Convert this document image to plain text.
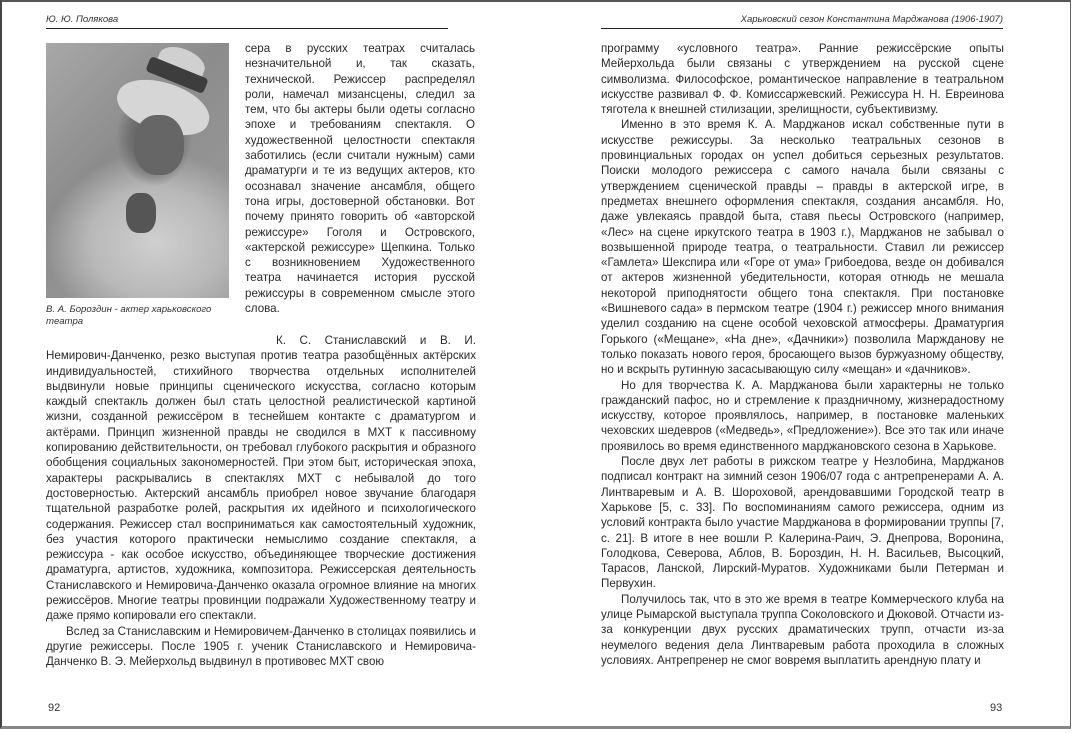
Ю. Ю. Полякова
В. А. Бороздин - актер харьковского театра

сера в русских театрах считалась незначительной и, так сказать, технической. Режиссер распределял роли, намечал мизансцены, следил за тем, что бы актеры были одеты согласно эпохе и требованиям спектакля. О художественной целостности спектакля заботились (если считали нужным) сами драматурги и те из ведущих актеров, кто осознавал значение ансамбля, общего тона игры, достоверной обстановки. Вот почему принято говорить об «авторской режиссуре» Гоголя и Островского, «актерской режиссуре» Щепкина. Только с возникновением Художественного театра начинается история русской режиссуры в современном смысле этого слова.

К. С. Станиславский и В. И. Немирович-Данченко, резко выступая против театра разобщённых актёрских индивидуальностей, стихийного творчества отдельных исполнителей выдвинули новые принципы сценического искусства, согласно которым каждый спектакль должен был стать целостной реалистической картиной жизни, созданной режиссёром в теснейшем контакте с драматургом и актёрами. Принцип жизненной правды не сводился в МХТ к пассивному копированию действительности, он требовал глубокого раскрытия и образного обобщения социальных закономерностей. При этом быт, историческая эпоха, характеры раскрывались в спектаклях МХТ с небывалой до того достоверностью. Актерский ансамбль приобрел новое звучание благодаря тщательной разработке ролей, раскрытия их идейного и психологического содержания. Режиссер стал восприниматься как самостоятельный художник, без участия которого практически немыслимо создание спектакля, а режиссура - как особое искусство, объединяющее творческие достижения драматурга, артистов, художника, композитора. Режиссерская деятельность Станиславского и Немировича-Данченко оказала огромное влияние на многих режиссёров. Многие театры провинции подражали Художественному театру и даже прямо копировали его спектакли.

Вслед за Станиславским и Немировичем-Данченко в столицах появились и другие режиссеры. После 1905 г. ученик Станиславского и Немировича-Данченко В. Э. Мейерхольд выдвинул в противовес МХТ свою

92
Харьковский сезон Константина Марджанова (1906-1907)

программу «условного театра». Ранние режиссёрские опыты Мейерхольда были связаны с утверждением на русской сцене символизма. Философское, романтическое направление в театральном искусстве развивал Ф. Ф. Комиссаржевский. Режиссура Н. Н. Евреинова тяготела к внешней стилизации, зрелищности, субъективизму.

Именно в это время К. А. Марджанов искал собственные пути в искусстве режиссуры. За несколько театральных сезонов в провинциальных городах он успел добиться серьезных результатов. Поиски молодого режиссера с самого начала были связаны с утверждением сценической правды – правды в актерской игре, в предметах внешнего оформления спектакля, создания ансамбля. Но, даже увлекаясь правдой быта, ставя пьесы Островского (например, «Лес» на сцене иркутского театра в 1903 г.), Марджанов не забывал о возвышенной природе театра, о театральности. Ставил ли режиссер «Гамлета» Шекспира или «Горе от ума» Грибоедова, везде он добивался от актеров жизненной убедительности, которая отнюдь не мешала некоторой приподнятости общего тона спектакля. При постановке «Вишневого сада» в пермском театре (1904 г.) режиссер много внимания уделил созданию на сцене особой чеховской атмосферы. Драматургия Горького («Мещане», «На дне», «Дачники») позволила Марждановy не только показать нового героя, бросающего вызов буржуазному обществу, но и вскрыть рутинную засасывающую силу «мещан» и «дачников».

Но для творчества К. А. Марджанова были характерны не только гражданский пафос, но и стремление к праздничному, жизнерадостному искусству, которое проявлялось, например, в постановке маленьких чеховских шедевров («Медведь», «Предложение»). Все это так или иначе проявилось во время единственного марджановского сезона в Харькове.

После двух лет работы в рижском театре у Незлобина, Марджанов подписал контракт на зимний сезон 1906/07 года с антрепренерами А. А. Линтваревым и А. В. Шороховой, арендовавшими Городской театр в Харькове [5, с. 33]. По воспоминаниям самого режиссера, одним из условий контракта было участие Марджанова в формировании труппы [7, с. 21]. В итоге в нее вошли Р. Калерина-Раич, Э. Днепрова, Воронина, Голодкова, Северова, Аблов, В. Бороздин, Н. Н. Васильев, Высоцкий, Тарасов, Ланской, Лирский-Муратов. Художниками были Петерман и Первухин.

Получилось так, что в это же время в театре Коммерческого клуба на улице Рымарской выступала труппа Соколовского и Дюковой. Отчасти из-за конкуренции двух русских драматических трупп, отчасти из-за неумелого ведения дела Линтваревым работа проходила в сложных условиях. Антрепренер не смог вовремя выплатить арендную плату и

93
